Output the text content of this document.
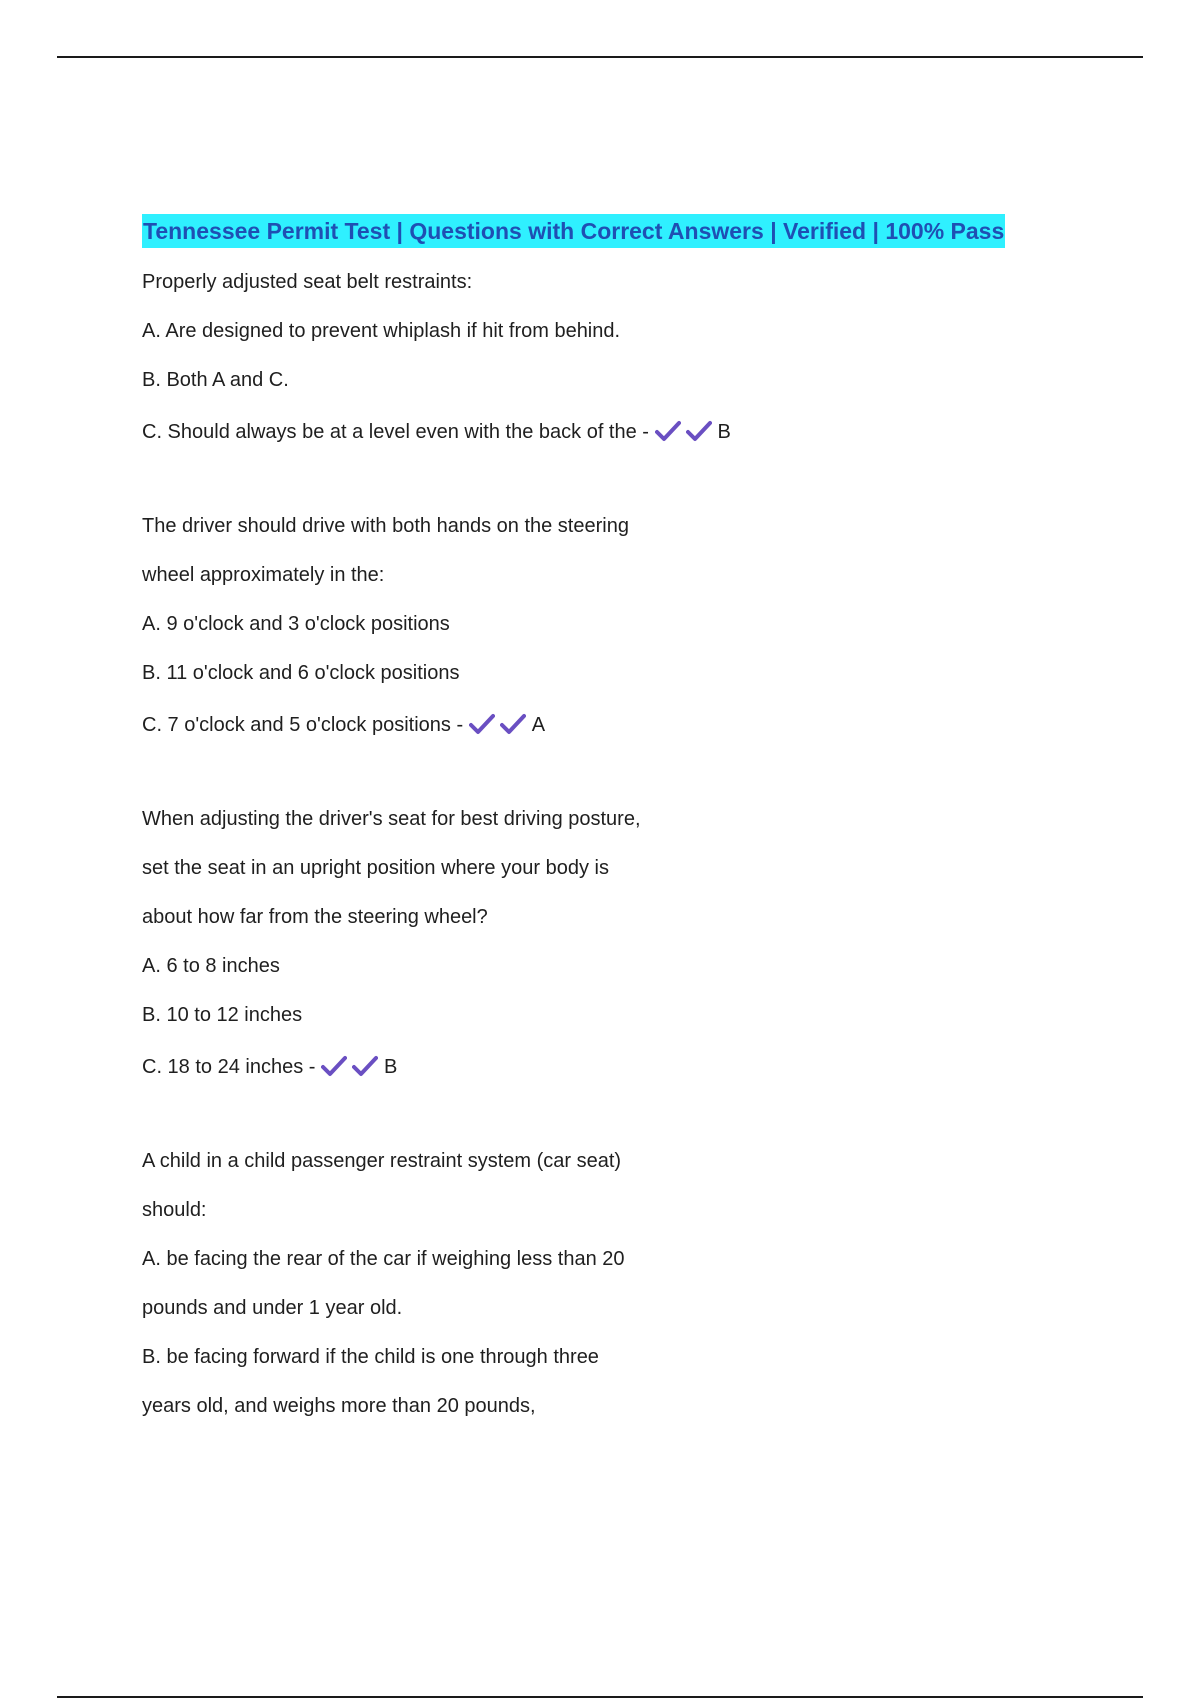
Tennessee Permit Test | Questions with Correct Answers | Verified | 100% Pass
Properly adjusted seat belt restraints:
A. Are designed to prevent whiplash if hit from behind.
B. Both A and C.
C. Should always be at a level even with the back of the -	B
The driver should drive with both hands on the steering
wheel approximately in the:
A. 9 o'clock and 3 o'clock positions
B. 11 o'clock and 6 o'clock positions
C. 7 o'clock and 5 o'clock positions -	A
When adjusting the driver's seat for best driving posture,
set the seat in an upright position where your body is
about how far from the steering wheel?
A. 6 to 8 inches
B. 10 to 12 inches
C. 18 to 24 inches -	B
A child in a child passenger restraint system (car seat)
should:
A. be facing the rear of the car if weighing less than 20
pounds and under 1 year old.
B. be facing forward if the child is one through three
years old, and weighs more than 20 pounds,
